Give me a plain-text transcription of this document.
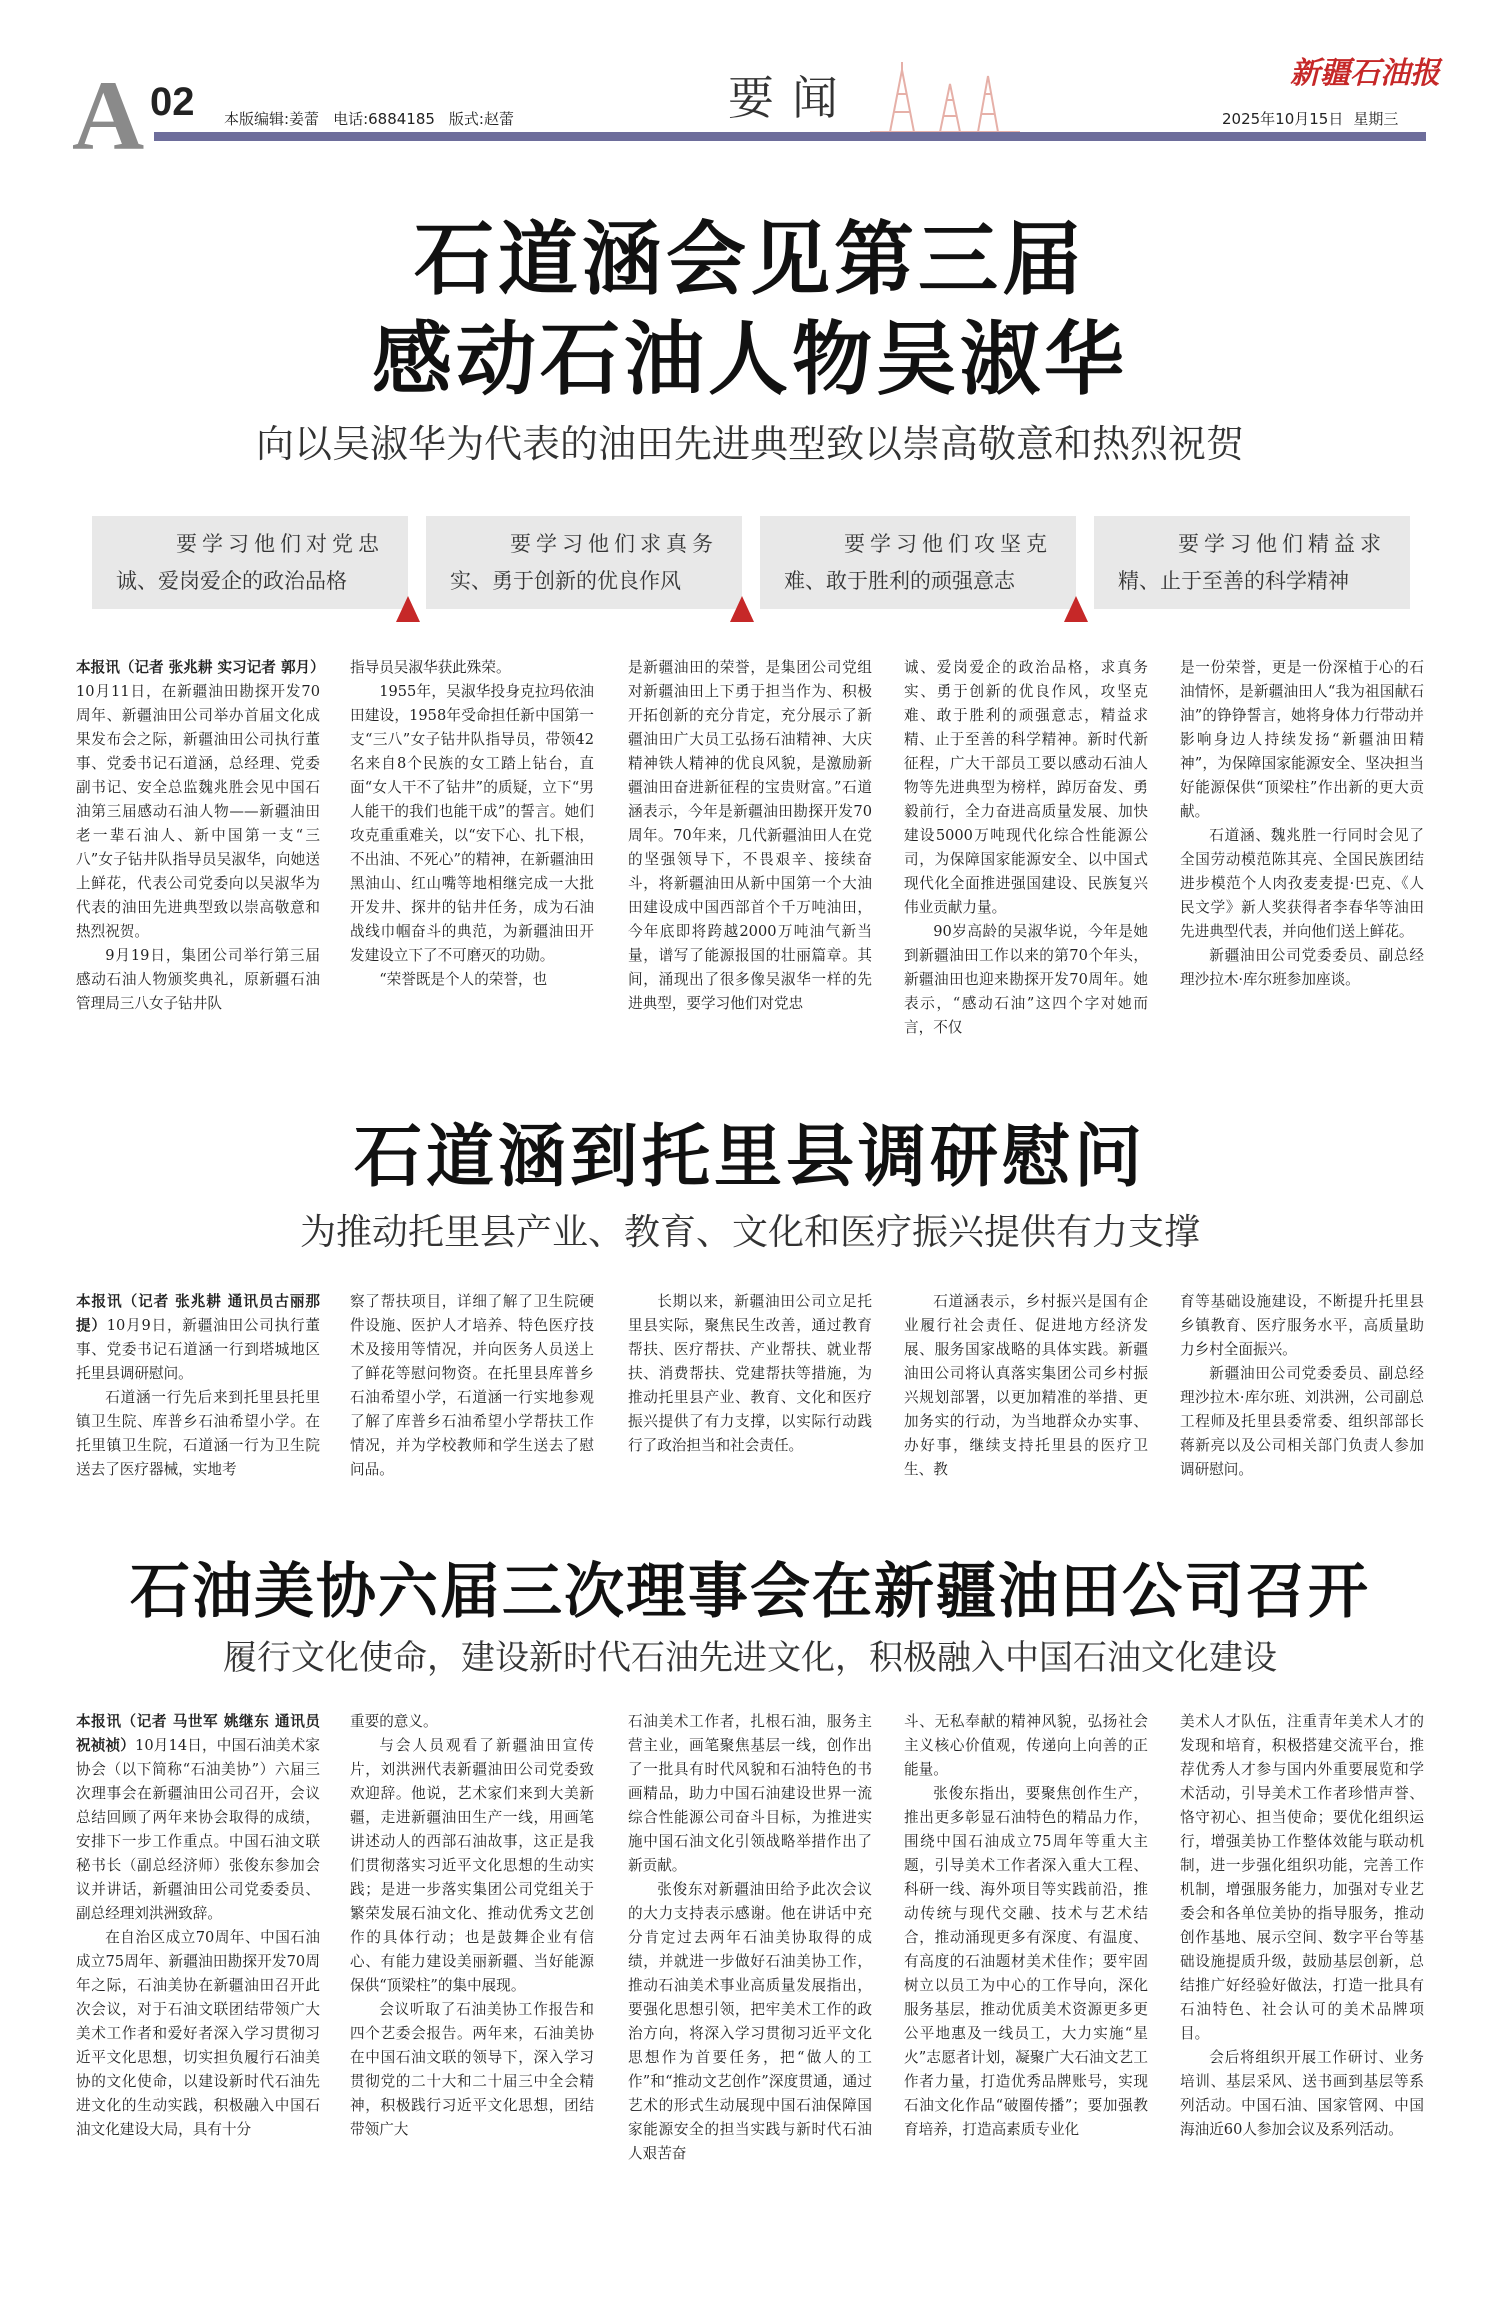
A 02 本版编辑:姜蕾 电话:6884185 版式:赵蕾	要闻	新疆石油报
2025年10月15日 星期三
石道涵会见第三届
感动石油人物吴淑华
向以吴淑华为代表的油田先进典型致以崇高敬意和热烈祝贺
要学习他们对党忠
诚、爱岗爱企的政治品格
要学习他们求真务
实、勇于创新的优良作风
要学习他们攻坚克
难、敢于胜利的顽强意志
要学习他们精益求
精、止于至善的科学精神

本报讯（记者 张兆耕 实习记者 郭月）10月11日，在新疆油田勘探开发70周年、新疆油田公司举办首届文化成果发布会之际，新疆油田公司执行董事、党委书记石道涵，总经理、党委副书记、安全总监魏兆胜会见中国石油第三届感动石油人物——新疆油田老一辈石油人、新中国第一支“三八”女子钻井队指导员吴淑华，向她送上鲜花，代表公司党委向以吴淑华为代表的油田先进典型致以崇高敬意和热烈祝贺。

9月19日，集团公司举行第三届感动石油人物颁奖典礼，原新疆石油管理局三八女子钻井队

指导员吴淑华获此殊荣。

1955年，吴淑华投身克拉玛依油田建设，1958年受命担任新中国第一支“三八”女子钻井队指导员，带领42名来自8个民族的女工踏上钻台，直面“女人干不了钻井”的质疑，立下“男人能干的我们也能干成”的誓言。她们攻克重重难关，以“安下心、扎下根，不出油、不死心”的精神，在新疆油田黑油山、红山嘴等地相继完成一大批开发井、探井的钻井任务，成为石油战线巾帼奋斗的典范，为新疆油田开发建设立下了不可磨灭的功勋。

“荣誉既是个人的荣誉，也

是新疆油田的荣誉，是集团公司党组对新疆油田上下勇于担当作为、积极开拓创新的充分肯定，充分展示了新疆油田广大员工弘扬石油精神、大庆精神铁人精神的优良风貌，是激励新疆油田奋进新征程的宝贵财富。”石道涵表示，今年是新疆油田勘探开发70周年。70年来，几代新疆油田人在党的坚强领导下，不畏艰辛、接续奋斗，将新疆油田从新中国第一个大油田建设成中国西部首个千万吨油田，今年底即将跨越2000万吨油气新当量，谱写了能源报国的壮丽篇章。其间，涌现出了很多像吴淑华一样的先进典型，要学习他们对党忠

诚、爱岗爱企的政治品格，求真务实、勇于创新的优良作风，攻坚克难、敢于胜利的顽强意志，精益求精、止于至善的科学精神。新时代新征程，广大干部员工要以感动石油人物等先进典型为榜样，踔厉奋发、勇毅前行，全力奋进高质量发展、加快建设5000万吨现代化综合性能源公司，为保障国家能源安全、以中国式现代化全面推进强国建设、民族复兴伟业贡献力量。

90岁高龄的吴淑华说，今年是她到新疆油田工作以来的第70个年头，新疆油田也迎来勘探开发70周年。她表示，“感动石油”这四个字对她而言，不仅

是一份荣誉，更是一份深植于心的石油情怀，是新疆油田人“我为祖国献石油”的铮铮誓言，她将身体力行带动并影响身边人持续发扬“新疆油田精神”，为保障国家能源安全、坚决担当好能源保供“顶梁柱”作出新的更大贡献。

石道涵、魏兆胜一行同时会见了全国劳动模范陈其亮、全国民族团结进步模范个人肉孜麦麦提·巴克、《人民文学》新人奖获得者李春华等油田先进典型代表，并向他们送上鲜花。

新疆油田公司党委委员、副总经理沙拉木·库尔班参加座谈。

石道涵到托里县调研慰问
为推动托里县产业、教育、文化和医疗振兴提供有力支撑

本报讯（记者 张兆耕 通讯员古丽那提）10月9日，新疆油田公司执行董事、党委书记石道涵一行到塔城地区托里县调研慰问。

石道涵一行先后来到托里县托里镇卫生院、库普乡石油希望小学。在托里镇卫生院，石道涵一行为卫生院送去了医疗器械，实地考

察了帮扶项目，详细了解了卫生院硬件设施、医护人才培养、特色医疗技术及接用等情况，并向医务人员送上了鲜花等慰问物资。在托里县库普乡石油希望小学，石道涵一行实地参观了解了库普乡石油希望小学帮扶工作情况，并为学校教师和学生送去了慰问品。

长期以来，新疆油田公司立足托里县实际，聚焦民生改善，通过教育帮扶、医疗帮扶、产业帮扶、就业帮扶、消费帮扶、党建帮扶等措施，为推动托里县产业、教育、文化和医疗振兴提供了有力支撑，以实际行动践行了政治担当和社会责任。

石道涵表示，乡村振兴是国有企业履行社会责任、促进地方经济发展、服务国家战略的具体实践。新疆油田公司将认真落实集团公司乡村振兴规划部署，以更加精准的举措、更加务实的行动，为当地群众办实事、办好事，继续支持托里县的医疗卫生、教

育等基础设施建设，不断提升托里县乡镇教育、医疗服务水平，高质量助力乡村全面振兴。

新疆油田公司党委委员、副总经理沙拉木·库尔班、刘洪洲，公司副总工程师及托里县委常委、组织部部长蒋新亮以及公司相关部门负责人参加调研慰问。

石油美协六届三次理事会在新疆油田公司召开
履行文化使命，建设新时代石油先进文化，积极融入中国石油文化建设

本报讯（记者 马世军 姚继东 通讯员 祝祯祯）10月14日，中国石油美术家协会（以下简称“石油美协”）六届三次理事会在新疆油田公司召开，会议总结回顾了两年来协会取得的成绩，安排下一步工作重点。中国石油文联秘书长（副总经济师）张俊东参加会议并讲话，新疆油田公司党委委员、副总经理刘洪洲致辞。

在自治区成立70周年、中国石油成立75周年、新疆油田勘探开发70周年之际，石油美协在新疆油田召开此次会议，对于石油文联团结带领广大美术工作者和爱好者深入学习贯彻习近平文化思想，切实担负履行石油美协的文化使命，以建设新时代石油先进文化的生动实践，积极融入中国石油文化建设大局，具有十分

重要的意义。

与会人员观看了新疆油田宣传片，刘洪洲代表新疆油田公司党委致欢迎辞。他说，艺术家们来到大美新疆，走进新疆油田生产一线，用画笔讲述动人的西部石油故事，这正是我们贯彻落实习近平文化思想的生动实践；是进一步落实集团公司党组关于繁荣发展石油文化、推动优秀文艺创作的具体行动；也是鼓舞企业有信心、有能力建设美丽新疆、当好能源保供“顶梁柱”的集中展现。

会议听取了石油美协工作报告和四个艺委会报告。两年来，石油美协在中国石油文联的领导下，深入学习贯彻党的二十大和二十届三中全会精神，积极践行习近平文化思想，团结带领广大

石油美术工作者，扎根石油，服务主营主业，画笔聚焦基层一线，创作出了一批具有时代风貌和石油特色的书画精品，助力中国石油建设世界一流综合性能源公司奋斗目标，为推进实施中国石油文化引领战略举措作出了新贡献。

张俊东对新疆油田给予此次会议的大力支持表示感谢。他在讲话中充分肯定过去两年石油美协取得的成绩，并就进一步做好石油美协工作，推动石油美术事业高质量发展指出，要强化思想引领，把牢美术工作的政治方向，将深入学习贯彻习近平文化思想作为首要任务，把“做人的工作”和“推动文艺创作”深度贯通，通过艺术的形式生动展现中国石油保障国家能源安全的担当实践与新时代石油人艰苦奋

斗、无私奉献的精神风貌，弘扬社会主义核心价值观，传递向上向善的正能量。

张俊东指出，要聚焦创作生产，推出更多彰显石油特色的精品力作，围绕中国石油成立75周年等重大主题，引导美术工作者深入重大工程、科研一线、海外项目等实践前沿，推动传统与现代交融、技术与艺术结合，推动涌现更多有深度、有温度、有高度的石油题材美术佳作；要牢固树立以员工为中心的工作导向，深化服务基层，推动优质美术资源更多更公平地惠及一线员工，大力实施“星火”志愿者计划，凝聚广大石油文艺工作者力量，打造优秀品牌账号，实现石油文化作品“破圈传播”；要加强教育培养，打造高素质专业化

美术人才队伍，注重青年美术人才的发现和培育，积极搭建交流平台，推荐优秀人才参与国内外重要展览和学术活动，引导美术工作者珍惜声誉、恪守初心、担当使命；要优化组织运行，增强美协工作整体效能与联动机制，进一步强化组织功能，完善工作机制，增强服务能力，加强对专业艺委会和各单位美协的指导服务，推动创作基地、展示空间、数字平台等基础设施提质升级，鼓励基层创新，总结推广好经验好做法，打造一批具有石油特色、社会认可的美术品牌项目。

会后将组织开展工作研讨、业务培训、基层采风、送书画到基层等系列活动。中国石油、国家管网、中国海油近60人参加会议及系列活动。
